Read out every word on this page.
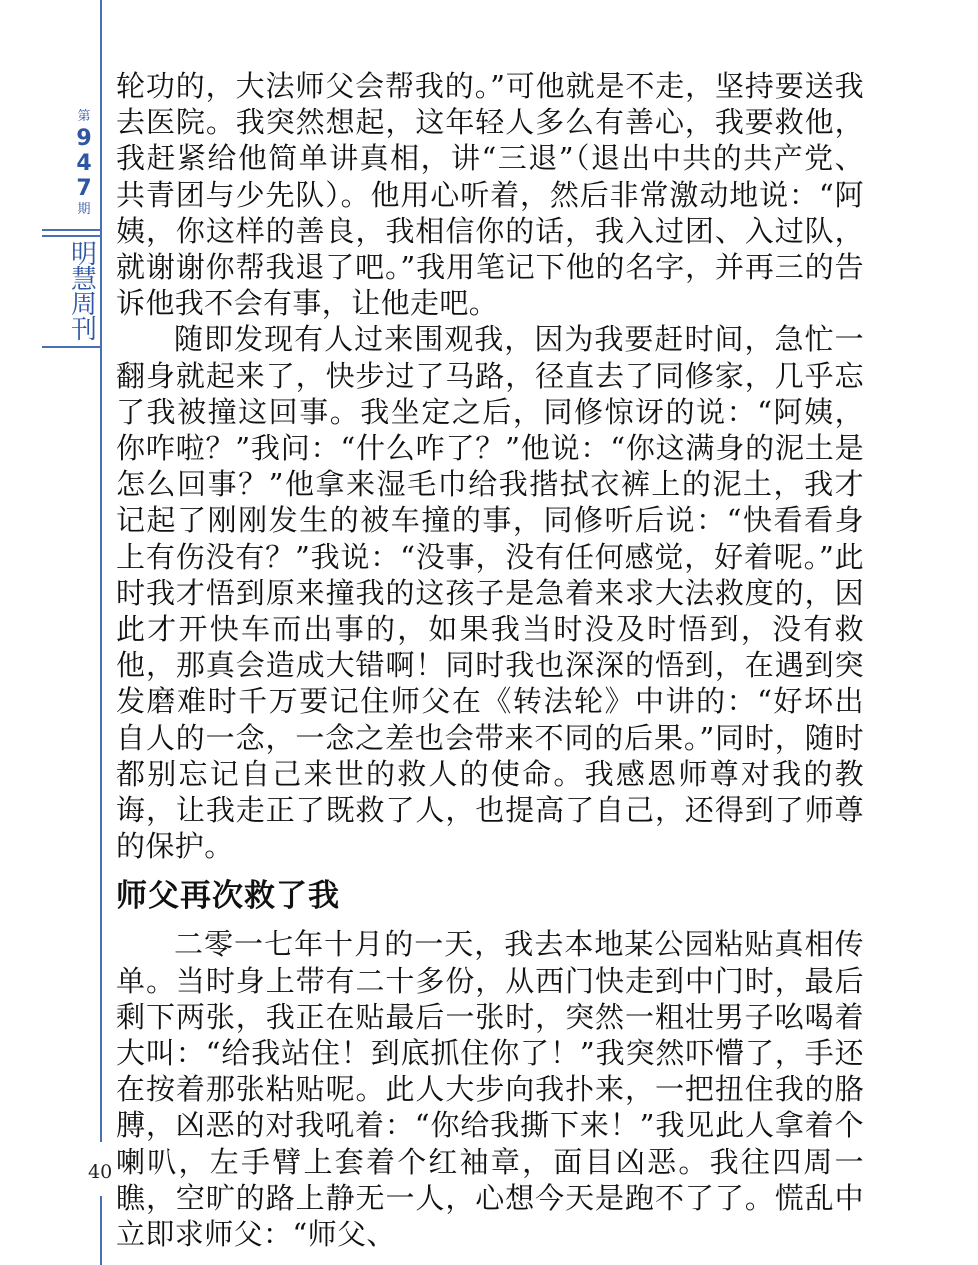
第
9
4
7
期
明
慧
周
刊
40

轮功的，大法师父会帮我的。”可他就是不走，坚持要送我去医院。我突然想起，这年轻人多么有善心，我要救他，我赶紧给他简单讲真相，讲“三退”（退出中共的共产党、共青团与少先队）。他用心听着，然后非常激动地说：“阿姨，你这样的善良，我相信你的话，我入过团、入过队，就谢谢你帮我退了吧。”我用笔记下他的名字，并再三的告诉他我不会有事，让他走吧。

随即发现有人过来围观我，因为我要赶时间，急忙一翻身就起来了，快步过了马路，径直去了同修家，几乎忘了我被撞这回事。我坐定之后，同修惊讶的说：“阿姨，你咋啦？”我问：“什么咋了？”他说：“你这满身的泥土是怎么回事？”他拿来湿毛巾给我揩拭衣裤上的泥土，我才记起了刚刚发生的被车撞的事，同修听后说：“快看看身上有伤没有？”我说：“没事，没有任何感觉，好着呢。”此时我才悟到原来撞我的这孩子是急着来求大法救度的，因此才开快车而出事的，如果我当时没及时悟到，没有救他，那真会造成大错啊！同时我也深深的悟到，在遇到突发磨难时千万要记住师父在《转法轮》中讲的：“好坏出自人的一念，一念之差也会带来不同的后果。”同时，随时都别忘记自己来世的救人的使命。我感恩师尊对我的教诲，让我走正了既救了人，也提高了自己，还得到了师尊的保护。

师父再次救了我

二零一七年十月的一天，我去本地某公园粘贴真相传单。当时身上带有二十多份，从西门快走到中门时，最后剩下两张，我正在贴最后一张时，突然一粗壮男子吆喝着大叫：“给我站住！到底抓住你了！”我突然吓懵了，手还在按着那张粘贴呢。此人大步向我扑来，一把扭住我的胳膊，凶恶的对我吼着：“你给我撕下来！”我见此人拿着个喇叭，左手臂上套着个红袖章，面目凶恶。我往四周一瞧，空旷的路上静无一人，心想今天是跑不了了。慌乱中立即求师父：“师父、
